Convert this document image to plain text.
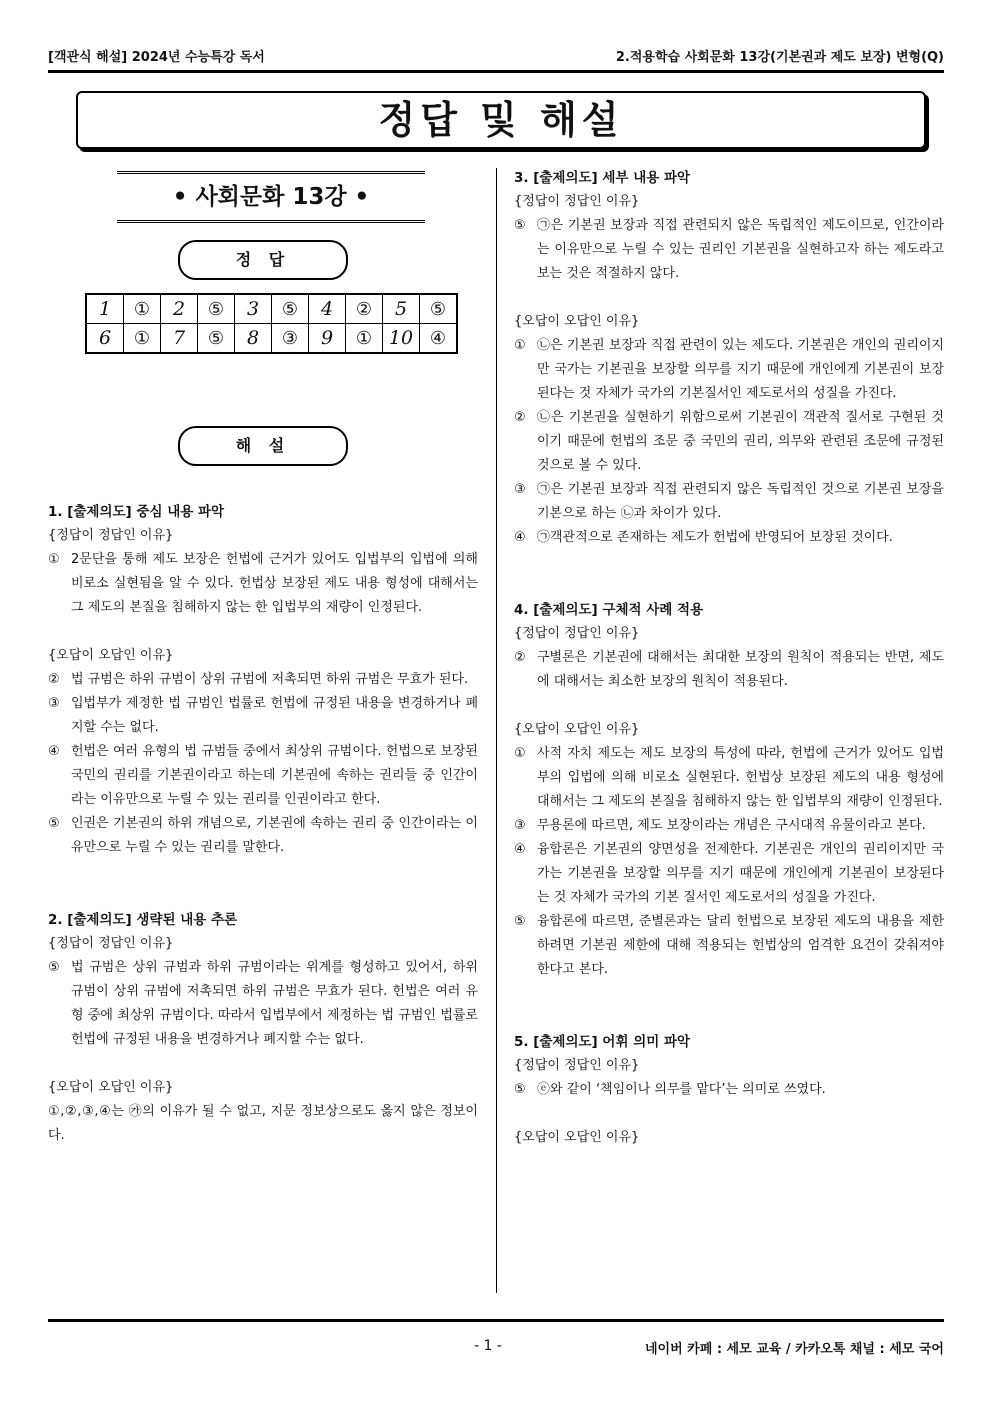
[객관식 해설] 2024년 수능특강 독서	2.적용학습 사회문화 13강(기본권과 제도 보장) 변형(Q)
정답 및 해설
• 사회문화 13강 •
정 답
1	①	2	⑤	3	⑤	4	②	5	⑤
6	①	7	⑤	8	③	9	①	10	④
해 설

1. [출제의도] 중심 내용 파악

{정답이 정답인 이유}

① 2문단을 통해 제도 보장은 헌법에 근거가 있어도 입법부의 입법에 의해 비로소 실현됨을 알 수 있다. 헌법상 보장된 제도 내용 형성에 대해서는 그 제도의 본질을 침해하지 않는 한 입법부의 재량이 인정된다.

{오답이 오답인 이유}

② 법 규범은 하위 규범이 상위 규범에 저촉되면 하위 규범은 무효가 된다.

③ 입법부가 제정한 법 규범인 법률로 헌법에 규정된 내용을 변경하거나 폐지할 수는 없다.

④ 헌법은 여러 유형의 법 규범들 중에서 최상위 규범이다. 헌법으로 보장된 국민의 권리를 기본권이라고 하는데 기본권에 속하는 권리들 중 인간이라는 이유만으로 누릴 수 있는 권리를 인권이라고 한다.

⑤ 인권은 기본권의 하위 개념으로, 기본권에 속하는 권리 중 인간이라는 이유만으로 누릴 수 있는 권리를 말한다.

2. [출제의도] 생략된 내용 추론

{정답이 정답인 이유}

⑤ 법 규범은 상위 규범과 하위 규범이라는 위계를 형성하고 있어서, 하위 규범이 상위 규범에 저촉되면 하위 규범은 무효가 된다. 헌법은 여러 유형 중에 최상위 규범이다. 따라서 입법부에서 제정하는 법 규범인 법률로 헌법에 규정된 내용을 변경하거나 폐지할 수는 없다.

{오답이 오답인 이유}

①,②,③,④는 ㉮의 이유가 될 수 없고, 지문 정보상으로도 옳지 않은 정보이다.

3. [출제의도] 세부 내용 파악

{정답이 정답인 이유}

⑤ ㉠은 기본권 보장과 직접 관련되지 않은 독립적인 제도이므로, 인간이라는 이유만으로 누릴 수 있는 권리인 기본권을 실현하고자 하는 제도라고 보는 것은 적절하지 않다.

{오답이 오답인 이유}

① ㉡은 기본권 보장과 직접 관련이 있는 제도다. 기본권은 개인의 권리이지만 국가는 기본권을 보장할 의무를 지기 때문에 개인에게 기본권이 보장된다는 것 자체가 국가의 기본질서인 제도로서의 성질을 가진다.

② ㉡은 기본권을 실현하기 위함으로써 기본권이 객관적 질서로 구현된 것이기 때문에 헌법의 조문 중 국민의 권리, 의무와 관련된 조문에 규정된 것으로 볼 수 있다.

③ ㉠은 기본권 보장과 직접 관련되지 않은 독립적인 것으로 기본권 보장을 기본으로 하는 ㉡과 차이가 있다.

④ ㉠객관적으로 존재하는 제도가 헌법에 반영되어 보장된 것이다.

4. [출제의도] 구체적 사례 적용

{정답이 정답인 이유}

② 구별론은 기본권에 대해서는 최대한 보장의 원칙이 적용되는 반면, 제도에 대해서는 최소한 보장의 원칙이 적용된다.

{오답이 오답인 이유}

① 사적 자치 제도는 제도 보장의 특성에 따라, 헌법에 근거가 있어도 입법부의 입법에 의해 비로소 실현된다. 헌법상 보장된 제도의 내용 형성에 대해서는 그 제도의 본질을 침해하지 않는 한 입법부의 재량이 인정된다.

③ 무용론에 따르면, 제도 보장이라는 개념은 구시대적 유물이라고 본다.

④ 융합론은 기본권의 양면성을 전제한다. 기본권은 개인의 권리이지만 국가는 기본권을 보장할 의무를 지기 때문에 개인에게 기본권이 보장된다는 것 자체가 국가의 기본 질서인 제도로서의 성질을 가진다.

⑤ 융합론에 따르면, 준별론과는 달리 헌법으로 보장된 제도의 내용을 제한하려면 기본권 제한에 대해 적용되는 헌법상의 엄격한 요건이 갖춰져야 한다고 본다.

5. [출제의도] 어휘 의미 파악

{정답이 정답인 이유}

⑤ ⓔ와 같이 ‘책임이나 의무를 맡다’는 의미로 쓰였다.

{오답이 오답인 이유}

- 1 -	네이버 카페 : 세모 교육 / 카카오톡 채널 : 세모 국어
